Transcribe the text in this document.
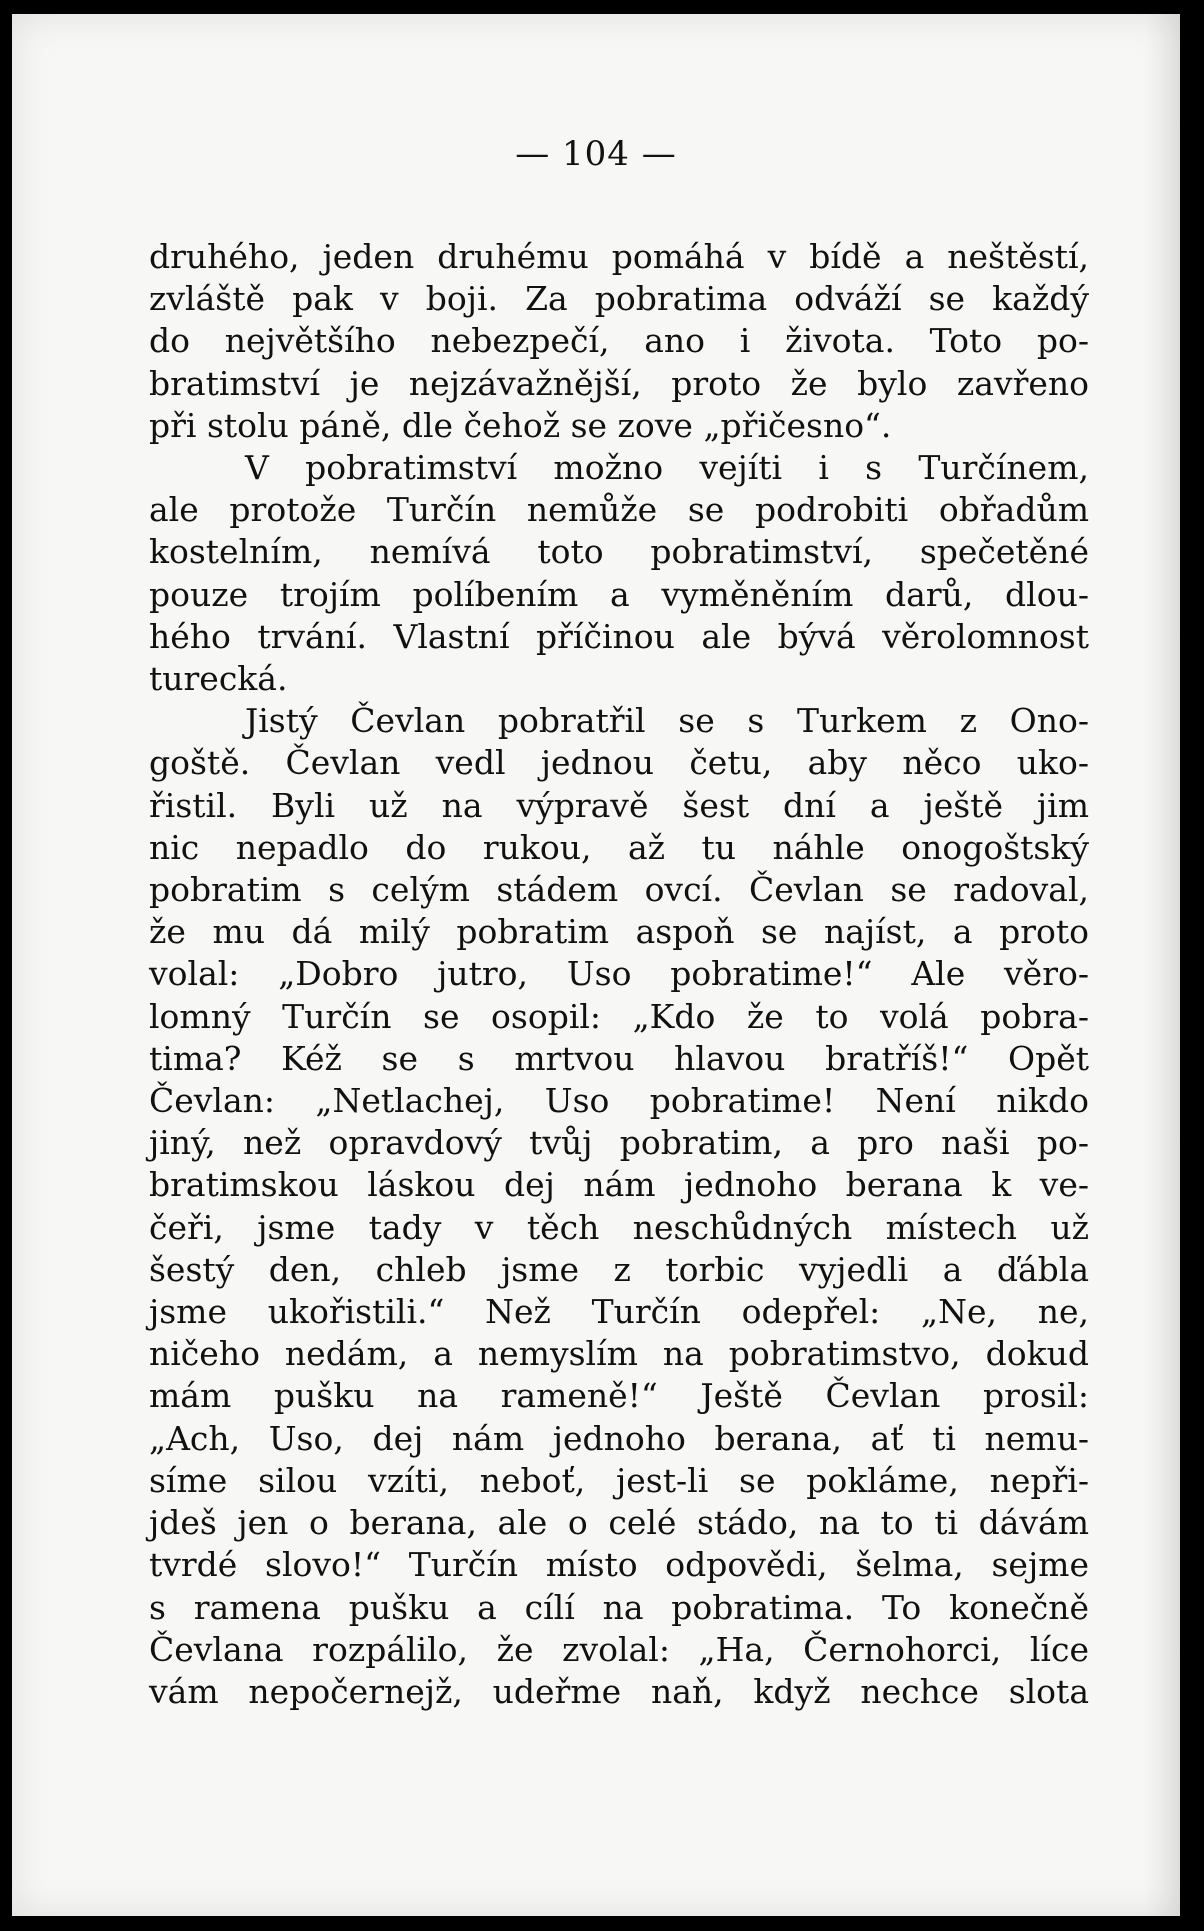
— 104 —
druhého, jeden druhému pomáhá v bídě a neštěstí,
zvláště pak v boji. Za pobratima odváží se každý
do největšího nebezpečí, ano i života. Toto po-
bratimství je nejzávažnější, proto že bylo zavřeno
při stolu páně, dle čehož se zove „přičesno“.
V pobratimství možno vejíti i s Turčínem,
ale protože Turčín nemůže se podrobiti obřadům
kostelním, nemívá toto pobratimství, spečetěné
pouze trojím políbením a vyměněním darů, dlou-
hého trvání. Vlastní příčinou ale bývá věrolomnost
turecká.
Jistý Čevlan pobratřil se s Turkem z Ono-
goště. Čevlan vedl jednou četu, aby něco uko-
řistil. Byli už na výpravě šest dní a ještě jim
nic nepadlo do rukou, až tu náhle onogoštský
pobratim s celým stádem ovcí. Čevlan se radoval,
že mu dá milý pobratim aspoň se najíst, a proto
volal: „Dobro jutro, Uso pobratime!“ Ale věro-
lomný Turčín se osopil: „Kdo že to volá pobra-
tima? Kéž se s mrtvou hlavou bratříš!“ Opět
Čevlan: „Netlachej, Uso pobratime! Není nikdo
jiný, než opravdový tvůj pobratim, a pro naši po-
bratimskou láskou dej nám jednoho berana k ve-
čeři, jsme tady v těch neschůdných místech už
šestý den, chleb jsme z torbic vyjedli a ďábla
jsme ukořistili.“ Než Turčín odepřel: „Ne, ne,
ničeho nedám, a nemyslím na pobratimstvo, dokud
mám pušku na rameně!“ Ještě Čevlan prosil:
„Ach, Uso, dej nám jednoho berana, ať ti nemu-
síme silou vzíti, neboť, jest-li se pokláme, nepři-
jdeš jen o berana, ale o celé stádo, na to ti dávám
tvrdé slovo!“ Turčín místo odpovědi, šelma, sejme
s ramena pušku a cílí na pobratima. To konečně
Čevlana rozpálilo, že zvolal: „Ha, Černohorci, líce
vám nepočernejž, udeřme naň, když nechce slota
